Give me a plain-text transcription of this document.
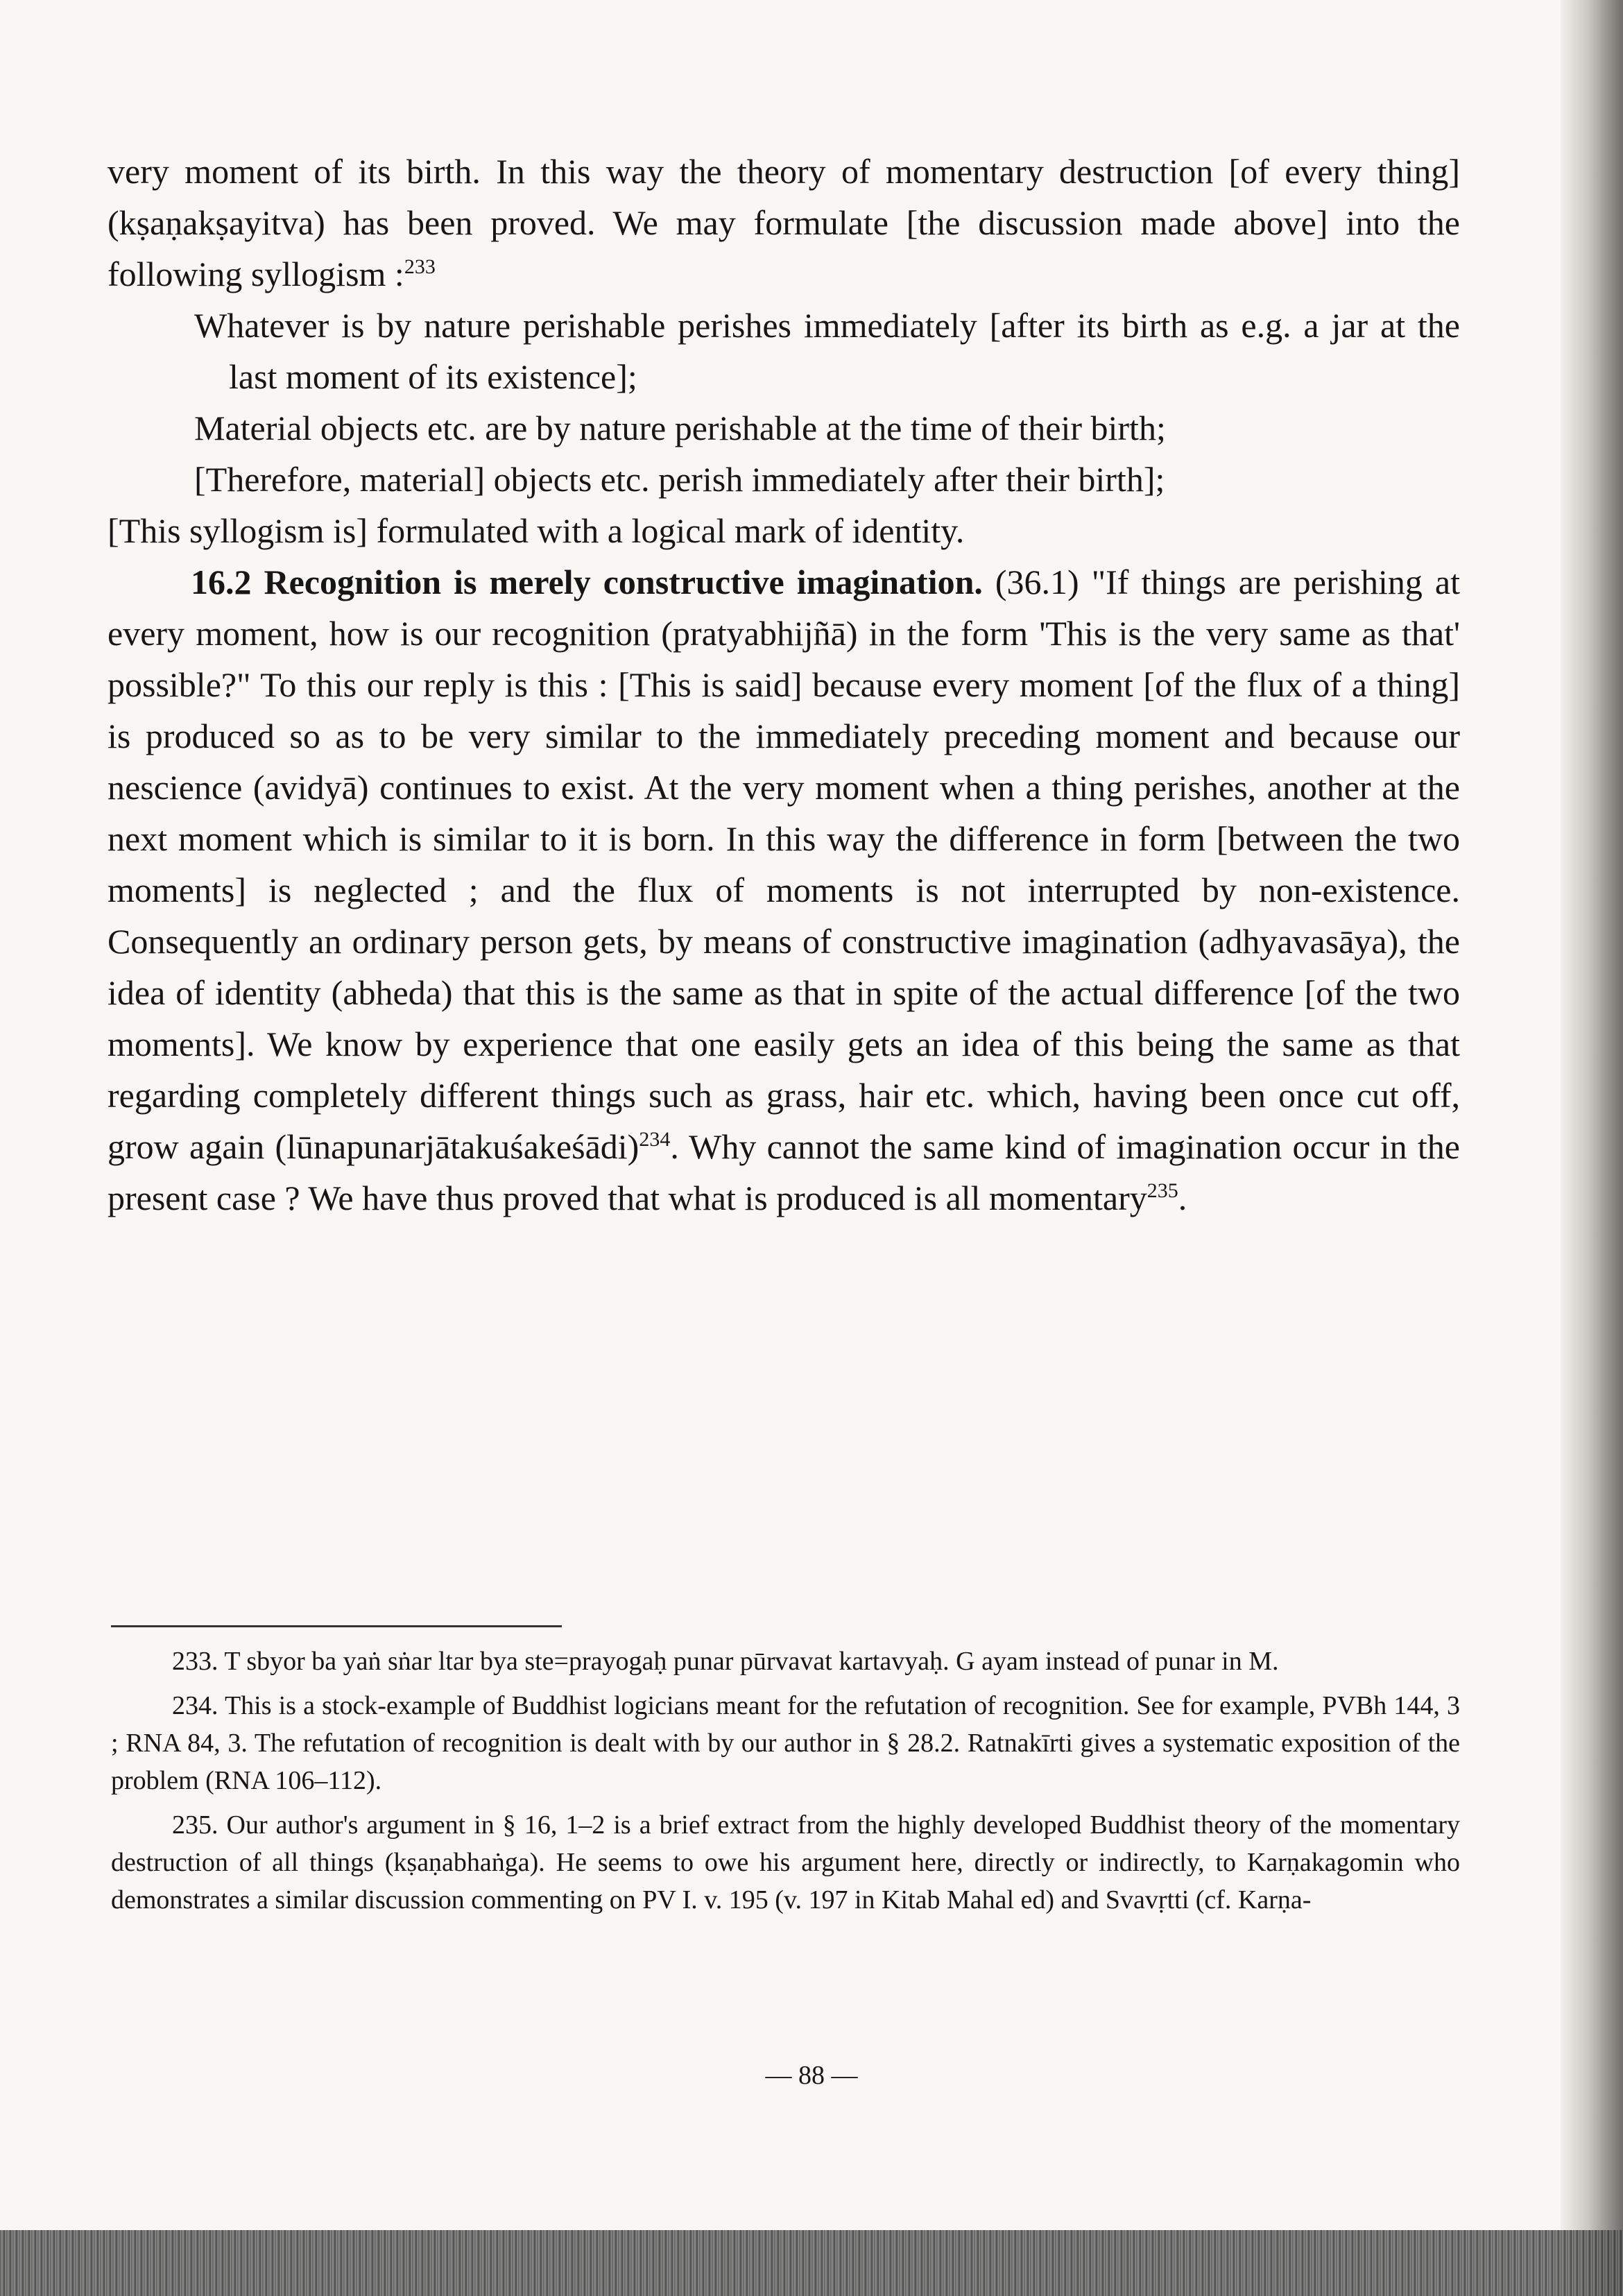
very moment of its birth. In this way the theory of momentary destruction [of every thing] (kṣaṇakṣayitva) has been proved. We may formulate [the discussion made above] into the following syllogism :$^{233}$

Whatever is by nature perishable perishes immediately [after its birth as e.g. a jar at the last moment of its existence];

Material objects etc. are by nature perishable at the time of their birth;

[Therefore, material] objects etc. perish immediately after their birth];

[This syllogism is] formulated with a logical mark of identity.

16.2 Recognition is merely constructive imagination. (36.1) "If things are perishing at every moment, how is our recognition (pratyabhijñā) in the form 'This is the very same as that' possible?" To this our reply is this : [This is said] because every moment [of the flux of a thing] is produced so as to be very similar to the immediately preceding moment and because our nescience (avidyā) continues to exist. At the very moment when a thing perishes, another at the next moment which is similar to it is born. In this way the difference in form [between the two moments] is neglected ; and the flux of moments is not interrupted by non-existence. Consequently an ordinary person gets, by means of constructive imagination (adhyavasāya), the idea of identity (abheda) that this is the same as that in spite of the actual difference [of the two moments]. We know by experience that one easily gets an idea of this being the same as that regarding completely different things such as grass, hair etc. which, having been once cut off, grow again (lūnapunarjātakuśakeśādi)$^{234}$. Why cannot the same kind of imagination occur in the present case ? We have thus proved that what is produced is all momentary$^{235}$.

233. T sbyor ba yaṅ sṅar ltar bya ste=prayogaḥ punar pūrvavat kartavyaḥ. G ayam instead of punar in M.

234. This is a stock-example of Buddhist logicians meant for the refutation of recognition. See for example, PVBh 144, 3 ; RNA 84, 3. The refutation of recognition is dealt with by our author in § 28.2. Ratnakīrti gives a systematic exposition of the problem (RNA 106–112).

235. Our author's argument in § 16, 1–2 is a brief extract from the highly developed Buddhist theory of the momentary destruction of all things (kṣaṇabhaṅga). He seems to owe his argument here, directly or indirectly, to Karṇakagomin who demonstrates a similar discussion commenting on PV I. v. 195 (v. 197 in Kitab Mahal ed) and Svavṛtti (cf. Karṇa-

— 88 —
